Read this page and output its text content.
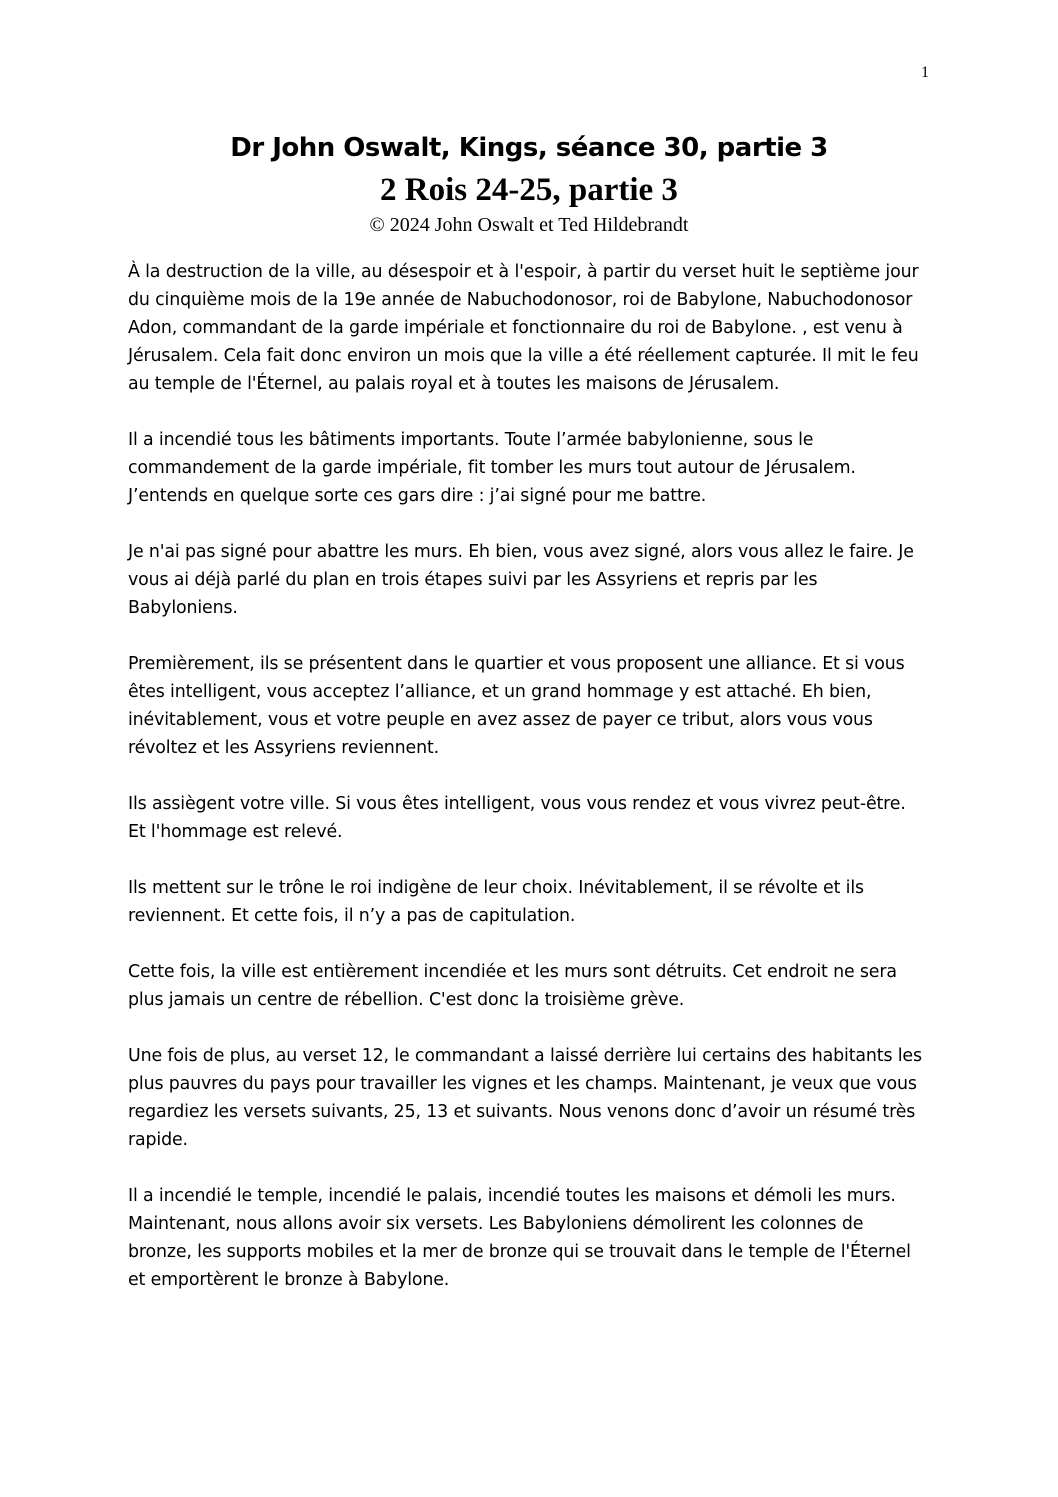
1
Dr John Oswalt, Kings, séance 30, partie 3
2 Rois 24-25, partie 3
© 2024 John Oswalt et Ted Hildebrandt

À la destruction de la ville, au désespoir et à l'espoir, à partir du verset huit le septième jour du cinquième mois de la 19e année de Nabuchodonosor, roi de Babylone, Nabuchodonosor Adon, commandant de la garde impériale et fonctionnaire du roi de Babylone. , est venu à Jérusalem. Cela fait donc environ un mois que la ville a été réellement capturée. Il mit le feu au temple de l'Éternel, au palais royal et à toutes les maisons de Jérusalem.

Il a incendié tous les bâtiments importants. Toute l’armée babylonienne, sous le commandement de la garde impériale, fit tomber les murs tout autour de Jérusalem. J’entends en quelque sorte ces gars dire : j’ai signé pour me battre.

Je n'ai pas signé pour abattre les murs. Eh bien, vous avez signé, alors vous allez le faire. Je vous ai déjà parlé du plan en trois étapes suivi par les Assyriens et repris par les Babyloniens.

Premièrement, ils se présentent dans le quartier et vous proposent une alliance. Et si vous êtes intelligent, vous acceptez l’alliance, et un grand hommage y est attaché. Eh bien, inévitablement, vous et votre peuple en avez assez de payer ce tribut, alors vous vous révoltez et les Assyriens reviennent.

Ils assiègent votre ville. Si vous êtes intelligent, vous vous rendez et vous vivrez peut-être. Et l'hommage est relevé.

Ils mettent sur le trône le roi indigène de leur choix. Inévitablement, il se révolte et ils reviennent. Et cette fois, il n’y a pas de capitulation.

Cette fois, la ville est entièrement incendiée et les murs sont détruits. Cet endroit ne sera plus jamais un centre de rébellion. C'est donc la troisième grève.

Une fois de plus, au verset 12, le commandant a laissé derrière lui certains des habitants les plus pauvres du pays pour travailler les vignes et les champs. Maintenant, je veux que vous regardiez les versets suivants, 25, 13 et suivants. Nous venons donc d’avoir un résumé très rapide.

Il a incendié le temple, incendié le palais, incendié toutes les maisons et démoli les murs. Maintenant, nous allons avoir six versets. Les Babyloniens démolirent les colonnes de bronze, les supports mobiles et la mer de bronze qui se trouvait dans le temple de l'Éternel et emportèrent le bronze à Babylone.
